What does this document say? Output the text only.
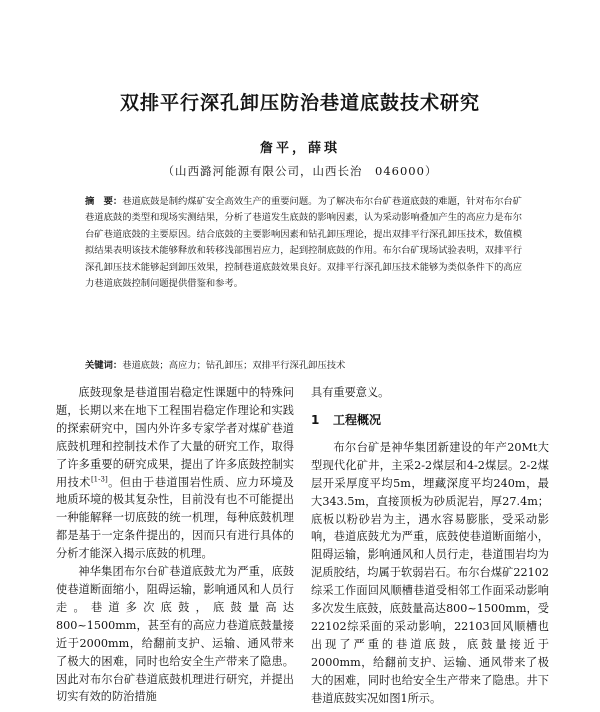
双排平行深孔卸压防治巷道底鼓技术研究
詹平，薛琪
（山西潞河能源有限公司，山西长治　046000）

摘　要：巷道底鼓是制约煤矿安全高效生产的重要问题。为了解决布尔台矿巷道底鼓的难题，针对布尔台矿巷道底鼓的类型和现场实测结果，分析了巷道发生底鼓的影响因素，认为采动影响叠加产生的高应力是布尔台矿巷道底鼓的主要原因。结合底鼓的主要影响因素和钻孔卸压理论，提出双排平行深孔卸压技术，数值模拟结果表明该技术能够释放和转移浅部围岩应力，起到控制底鼓的作用。布尔台矿现场试验表明，双排平行深孔卸压技术能够起到卸压效果，控制巷道底鼓效果良好。双排平行深孔卸压技术能够为类似条件下的高应力巷道底鼓控制问题提供借鉴和参考。

关键词：巷道底鼓；高应力；钻孔卸压；双排平行深孔卸压技术

底鼓现象是巷道围岩稳定性课题中的特殊问题，长期以来在地下工程围岩稳定作理论和实践的探索研究中，国内外许多专家学者对煤矿巷道底鼓机理和控制技术作了大量的研究工作，取得了许多重要的研究成果，提出了许多底鼓控制实用技术[1-3]。但由于巷道围岩性质、应力环境及地质环境的极其复杂性，目前没有也不可能提出一种能解释一切底鼓的统一机理，每种底鼓机理都是基于一定条件提出的，因而只有进行具体的分析才能深入揭示底鼓的机理。

神华集团布尔台矿巷道底鼓尤为严重，底鼓使巷道断面缩小，阻碍运输，影响通风和人员行走。巷道多次底鼓，底鼓量高达800~1500mm，甚至有的高应力巷道底鼓量接近于2000mm，给翻前支护、运输、通风带来了极大的困难，同时也给安全生产带来了隐患。因此对布尔台矿巷道底鼓机理进行研究，并提出切实有效的防治措施

具有重要意义。

1 工程概况

布尔台矿是神华集团新建设的年产20Mt大型现代化矿井，主采2-2煤层和4-2煤层。2-2煤层开采厚度平均5m，埋藏深度平均240m，最大343.5m，直接顶板为砂质泥岩，厚27.4m；底板以粉砂岩为主，遇水容易膨胀，受采动影响，巷道底鼓尤为严重，底鼓使巷道断面缩小，阻碍运输，影响通风和人员行走，巷道围岩均为泥质胶结，均属于软弱岩石。布尔台煤矿22102综采工作面回风顺槽巷道受相邻工作面采动影响多次发生底鼓，底鼓量高达800~1500mm，受22102综采面的采动影响，22103回风顺槽也出现了严重的巷道底鼓，底鼓量接近于2000mm，给翻前支护、运输、通风带来了极大的困难，同时也给安全生产带来了隐患。井下巷道底鼓实况如图1所示。
